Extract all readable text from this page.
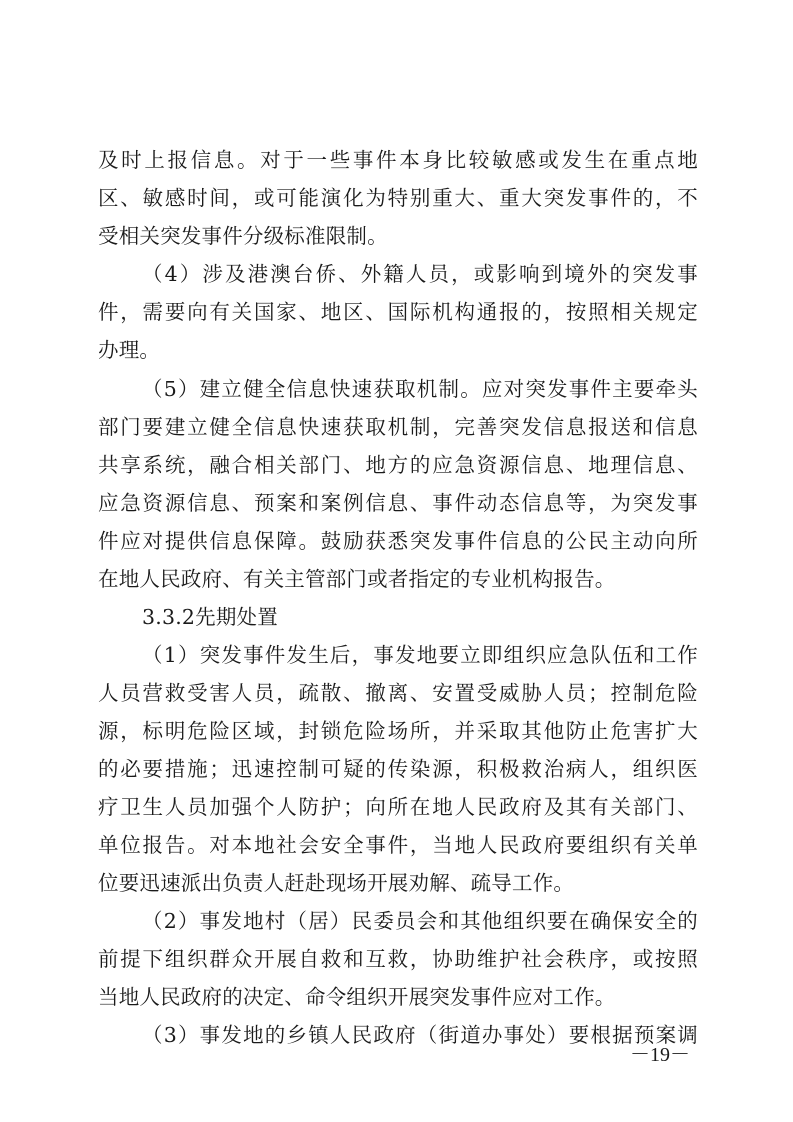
及时上报信息。对于一些事件本身比较敏感或发生在重点地
区、敏感时间，或可能演化为特别重大、重大突发事件的，不
受相关突发事件分级标准限制。
（4）涉及港澳台侨、外籍人员，或影响到境外的突发事
件，需要向有关国家、地区、国际机构通报的，按照相关规定
办理。
（5）建立健全信息快速获取机制。应对突发事件主要牵头
部门要建立健全信息快速获取机制，完善突发信息报送和信息
共享系统，融合相关部门、地方的应急资源信息、地理信息、
应急资源信息、预案和案例信息、事件动态信息等，为突发事
件应对提供信息保障。鼓励获悉突发事件信息的公民主动向所
在地人民政府、有关主管部门或者指定的专业机构报告。
3.3.2先期处置
（1）突发事件发生后，事发地要立即组织应急队伍和工作
人员营救受害人员，疏散、撤离、安置受威胁人员；控制危险
源，标明危险区域，封锁危险场所，并采取其他防止危害扩大
的必要措施；迅速控制可疑的传染源，积极救治病人，组织医
疗卫生人员加强个人防护；向所在地人民政府及其有关部门、
单位报告。对本地社会安全事件，当地人民政府要组织有关单
位要迅速派出负责人赶赴现场开展劝解、疏导工作。
（2）事发地村（居）民委员会和其他组织要在确保安全的
前提下组织群众开展自救和互救，协助维护社会秩序，或按照
当地人民政府的决定、命令组织开展突发事件应对工作。
（3）事发地的乡镇人民政府（街道办事处）要根据预案调
－19－
